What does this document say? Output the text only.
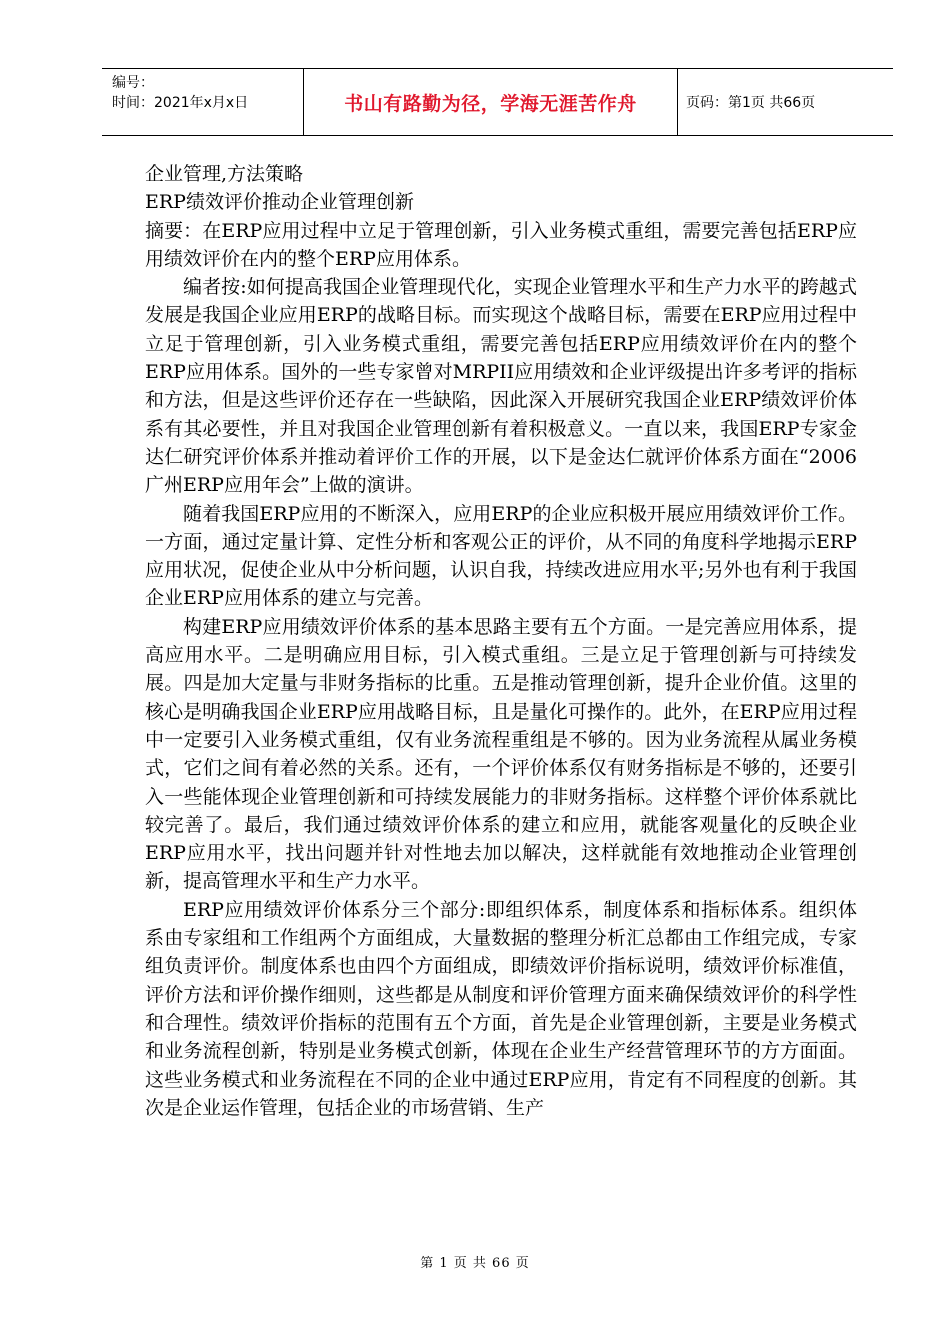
编号：
时间：2021年x月x日	书山有路勤为径，学海无涯苦作舟	页码：第1页 共66页

企业管理,方法策略

ERP绩效评价推动企业管理创新

摘要：在ERP应用过程中立足于管理创新，引入业务模式重组，需要完善包括ERP应用绩效评价在内的整个ERP应用体系。

编者按:如何提高我国企业管理现代化，实现企业管理水平和生产力水平的跨越式发展是我国企业应用ERP的战略目标。而实现这个战略目标，需要在ERP应用过程中立足于管理创新，引入业务模式重组，需要完善包括ERP应用绩效评价在内的整个ERP应用体系。国外的一些专家曾对MRPII应用绩效和企业评级提出许多考评的指标和方法，但是这些评价还存在一些缺陷，因此深入开展研究我国企业ERP绩效评价体系有其必要性，并且对我国企业管理创新有着积极意义。一直以来，我国ERP专家金达仁研究评价体系并推动着评价工作的开展，以下是金达仁就评价体系方面在“2006广州ERP应用年会”上做的演讲。

随着我国ERP应用的不断深入，应用ERP的企业应积极开展应用绩效评价工作。一方面，通过定量计算、定性分析和客观公正的评价，从不同的角度科学地揭示ERP应用状况，促使企业从中分析问题，认识自我，持续改进应用水平;另外也有利于我国企业ERP应用体系的建立与完善。

构建ERP应用绩效评价体系的基本思路主要有五个方面。一是完善应用体系，提高应用水平。二是明确应用目标，引入模式重组。三是立足于管理创新与可持续发展。四是加大定量与非财务指标的比重。五是推动管理创新，提升企业价值。这里的核心是明确我国企业ERP应用战略目标，且是量化可操作的。此外，在ERP应用过程中一定要引入业务模式重组，仅有业务流程重组是不够的。因为业务流程从属业务模式，它们之间有着必然的关系。还有，一个评价体系仅有财务指标是不够的，还要引入一些能体现企业管理创新和可持续发展能力的非财务指标。这样整个评价体系就比较完善了。最后，我们通过绩效评价体系的建立和应用，就能客观量化的反映企业ERP应用水平，找出问题并针对性地去加以解决，这样就能有效地推动企业管理创新，提高管理水平和生产力水平。

ERP应用绩效评价体系分三个部分:即组织体系，制度体系和指标体系。组织体系由专家组和工作组两个方面组成，大量数据的整理分析汇总都由工作组完成，专家组负责评价。制度体系也由四个方面组成，即绩效评价指标说明，绩效评价标准值，评价方法和评价操作细则，这些都是从制度和评价管理方面来确保绩效评价的科学性和合理性。绩效评价指标的范围有五个方面，首先是企业管理创新，主要是业务模式和业务流程创新，特别是业务模式创新，体现在企业生产经营管理环节的方方面面。这些业务模式和业务流程在不同的企业中通过ERP应用，肯定有不同程度的创新。其次是企业运作管理，包括企业的市场营销、生产

第 1 页 共 66 页
